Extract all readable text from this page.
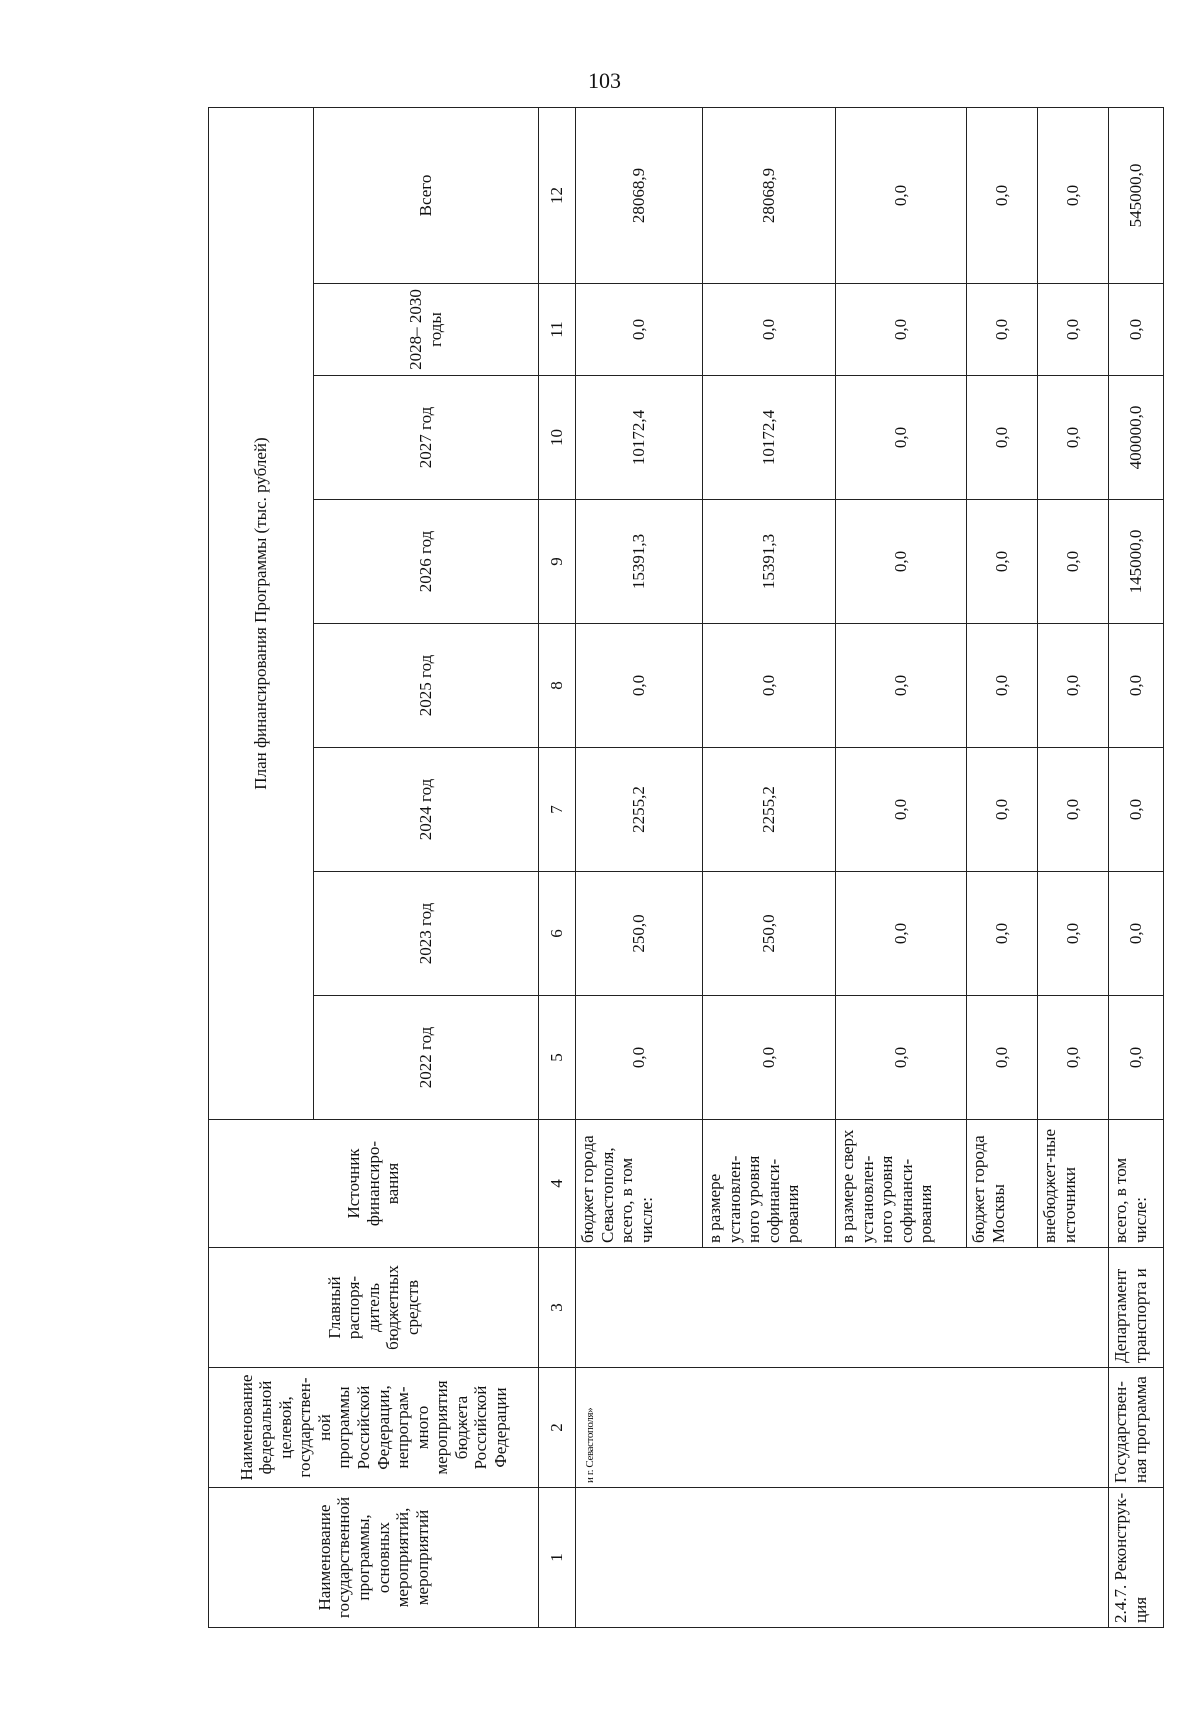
103
Наименование государственной программы, основных мероприятий, мероприятий	Наименование федеральной целевой, государствен-ной программы Российской Федерации, непрограм-много мероприятия бюджета Российской Федерации	Главный распоря-дитель бюджетных средств	Источник финансиро-вания	План финансирования Программы (тыс. рублей)							
				2022 год	2023 год	2024 год	2025 год	2026 год	2027 год	2028– 2030 годы	Всего
1	2	3	4	5	6	7	8	9	10	11	12
	и г. Севастополя»		бюджет города Севастополя, всего, в том числе:	0,0	250,0	2255,2	0,0	15391,3	10172,4	0,0	28068,9
			в размере установлен-ного уровня софинанси-рования	0,0	250,0	2255,2	0,0	15391,3	10172,4	0,0	28068,9
			в размере сверх установлен-ного уровня софинанси-рования	0,0	0,0	0,0	0,0	0,0	0,0	0,0	0,0
			бюджет города Москвы	0,0	0,0	0,0	0,0	0,0	0,0	0,0	0,0
			внебюджет-ные источники	0,0	0,0	0,0	0,0	0,0	0,0	0,0	0,0
2.4.7. Реконструк-ция	Государствен-ная программа	Департамент транспорта и	всего, в том числе:	0,0	0,0	0,0	0,0	145000,0	400000,0	0,0	545000,0
